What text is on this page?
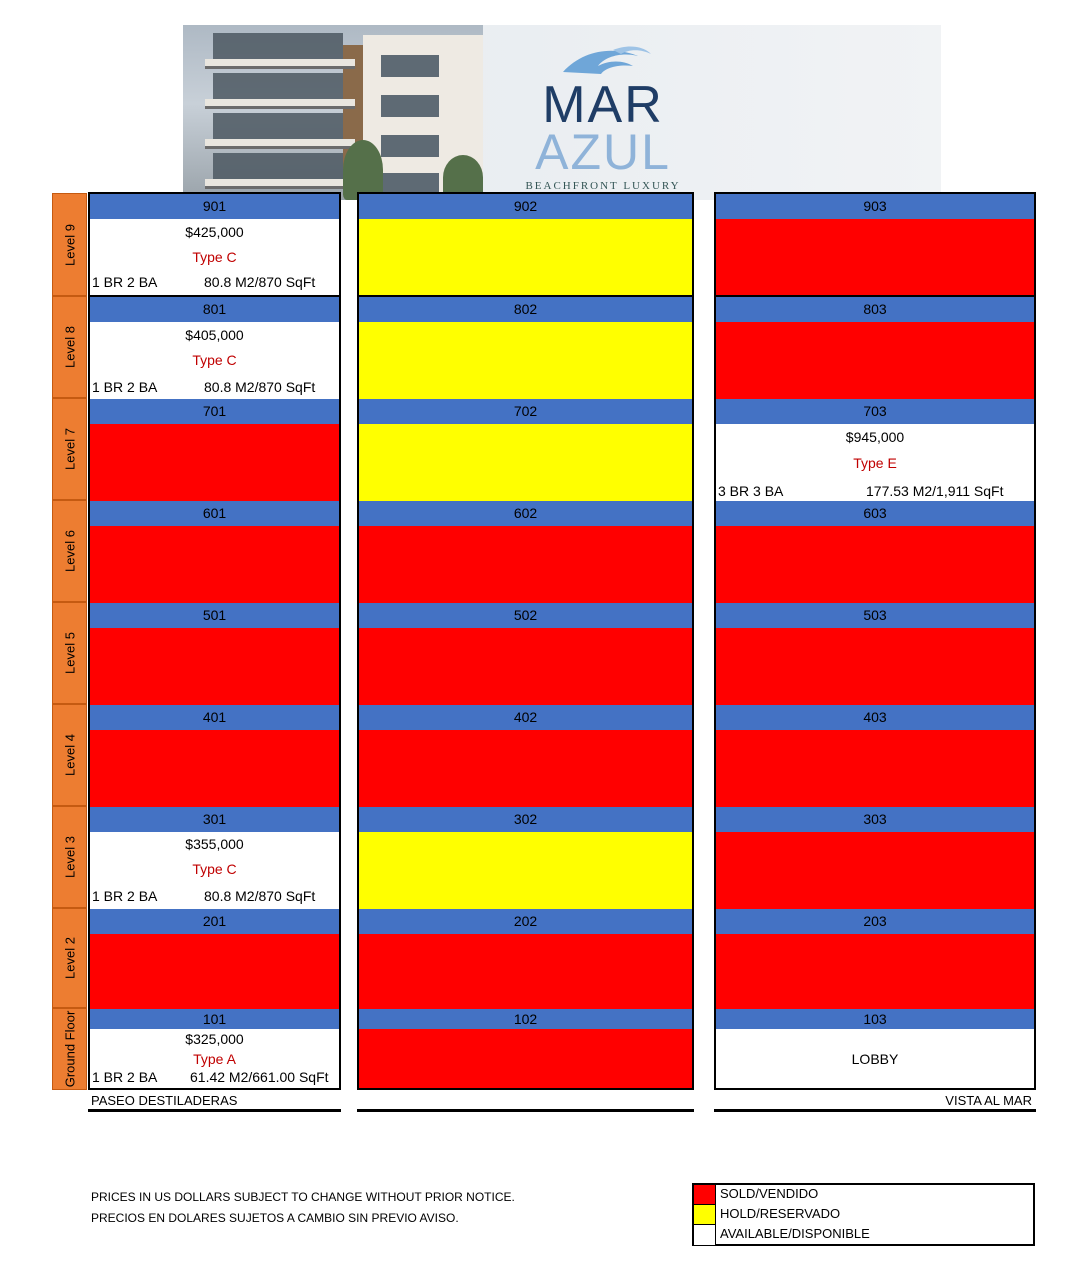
MAR
AZUL
BEACHFRONT LUXURY
Level 9
Level 8
Level 7
Level 6
Level 5
Level 4
Level 3
Level 2
Ground Floor
901
$425,000
Type C
1 BR 2 BA	80.8 M2/870 SqFt
801
$405,000
Type C
1 BR 2 BA	80.8 M2/870 SqFt
701
601
501
401
301
$355,000
Type C
1 BR 2 BA	80.8 M2/870 SqFt
201
101
$325,000
Type A
1 BR 2 BA 61.42 M2/661.00 SqFt
902
802
702
602
502
402
302
202
102
903
803
703
$945,000
Type E
3 BR 3 BA	177.53 M2/1,911 SqFt
603
503
403
303
203
103
LOBBY
PASEO DESTILADERAS	VISTA AL MAR
PRICES IN US DOLLARS SUBJECT TO CHANGE WITHOUT PRIOR NOTICE.
PRECIOS EN DOLARES SUJETOS A CAMBIO SIN PREVIO AVISO.
SOLD/VENDIDO
HOLD/RESERVADO
AVAILABLE/DISPONIBLE
